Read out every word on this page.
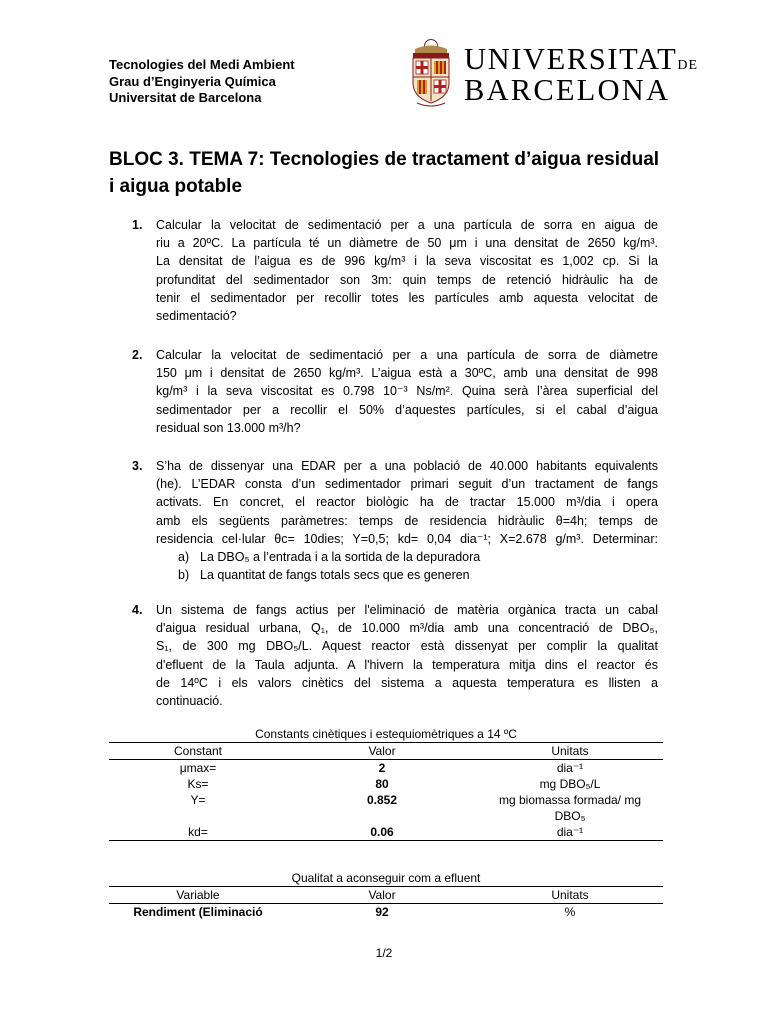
Tecnologies del Medi Ambient
Grau d’Enginyeria Química
Universitat de Barcelona
UNIVERSITATDE
BARCELONA
BLOC 3. TEMA 7: Tecnologies de tractament d’aigua residual i aigua potable
1. Calcular la velocitat de sedimentació per a una partícula de sorra en aigua de
riu a 20ºC. La partícula té un diàmetre de 50 μm i una densitat de 2650 kg/m³.
La densitat de l’aigua es de 996 kg/m³ i la seva viscositat es 1,002 cp. Si la
profunditat del sedimentador son 3m: quin temps de retenció hidràulic ha de
tenir el sedimentador per recollir totes les partícules amb aquesta velocitat de
sedimentació?
2. Calcular la velocitat de sedimentació per a una partícula de sorra de diàmetre
150 μm i densitat de 2650 kg/m³. L’aigua està a 30ºC, amb una densitat de 998
kg/m³ i la seva viscositat es 0.798 10⁻³ Ns/m². Quina serà l’àrea superficial del
sedimentador per a recollir el 50% d’aquestes partícules, si el cabal d’aigua
residual son 13.000 m³/h?
3. S’ha de dissenyar una EDAR per a una població de 40.000 habitants equivalents
(he). L’EDAR consta d’un sedimentador primari seguit d’un tractament de fangs
activats. En concret, el reactor biològic ha de tractar 15.000 m³/dia i opera
amb els següents paràmetres: temps de residencia hidràulic θ=4h; temps de
residencia cel·lular θc= 10dies; Y=0,5; kd= 0,04 dia⁻¹; X=2.678 g/m³. Determinar:
a) La DBO₅ a l’entrada i a la sortida de la depuradora
b) La quantitat de fangs totals secs que es generen
4. Un sistema de fangs actius per l'eliminació de matèria orgànica tracta un cabal
d'aigua residual urbana, Q₁, de 10.000 m³/dia amb una concentració de DBO₅,
S₁, de 300 mg DBO₅/L. Aquest reactor està dissenyat per complir la qualitat
d'efluent de la Taula adjunta. A l'hivern la temperatura mitja dins el reactor és
de 14ºC i els valors cinètics del sistema a aquesta temperatura es llisten a
continuació.
Constants cinètiques i estequiomètriques a 14 ºC
Constant	Valor	Unitats
μmax=	2	dia⁻¹
Ks=	80	mg DBO₅/L
Y=	0.852	mg biomassa formada/ mg DBO₅
kd=	0.06	dia⁻¹
Qualitat a aconseguir com a efluent
Variable	Valor	Unitats
Rendiment (Eliminació	92	%
1/2
